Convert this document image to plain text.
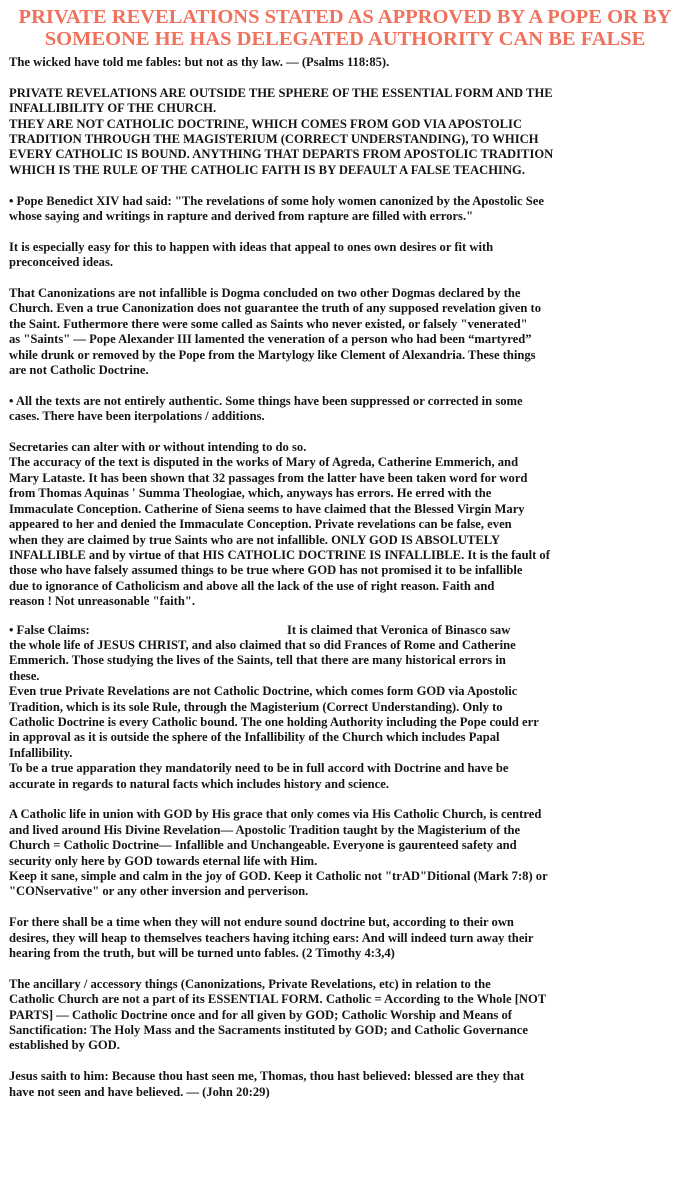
PRIVATE REVELATIONS STATED AS APPROVED BY A POPE OR BY
SOMEONE HE HAS DELEGATED AUTHORITY CAN BE FALSE
The wicked have told me fables: but not as thy law. — (Psalms 118:85).
PRIVATE REVELATIONS ARE OUTSIDE THE SPHERE OF THE ESSENTIAL FORM AND THE
INFALLIBILITY OF THE CHURCH.
THEY ARE NOT CATHOLIC DOCTRINE, WHICH COMES FROM GOD VIA APOSTOLIC
TRADITION THROUGH THE MAGISTERIUM (CORRECT UNDERSTANDING), TO WHICH
EVERY CATHOLIC IS BOUND. ANYTHING THAT DEPARTS FROM APOSTOLIC TRADITION
WHICH IS THE RULE OF THE CATHOLIC FAITH IS BY DEFAULT A FALSE TEACHING.
• Pope Benedict XIV had said: "The revelations of some holy women canonized by the Apostolic See
whose saying and writings in rapture and derived from rapture are filled with errors."
It is especially easy for this to happen with ideas that appeal to ones own desires or fit with
preconceived ideas.
That Canonizations are not infallible is Dogma concluded on two other Dogmas declared by the
Church. Even a true Canonization does not guarantee the truth of any supposed revelation given to
the Saint. Futhermore there were some called as Saints who never existed, or falsely "venerated"
as "Saints" — Pope Alexander III lamented the veneration of a person who had been “martyred”
while drunk or removed by the Pope from the Martylogy like Clement of Alexandria. These things
are not Catholic Doctrine.
• All the texts are not entirely authentic. Some things have been suppressed or corrected in some
cases. There have been iterpolations / additions.
Secretaries can alter with or without intending to do so.
The accuracy of the text is disputed in the works of Mary of Agreda, Catherine Emmerich, and
Mary Lataste. It has been shown that 32 passages from the latter have been taken word for word
from Thomas Aquinas ' Summa Theologiae, which, anyways has errors. He erred with the
Immaculate Conception. Catherine of Siena seems to have claimed that the Blessed Virgin Mary
appeared to her and denied the Immaculate Conception. Private revelations can be false, even
when they are claimed by true Saints who are not infallible. ONLY GOD IS ABSOLUTELY
INFALLIBLE and by virtue of that HIS CATHOLIC DOCTRINE IS INFALLIBLE. It is the fault of
those who have falsely assumed things to be true where GOD has not promised it to be infallible
due to ignorance of Catholicism and above all the lack of the use of right reason. Faith and
reason ! Not unreasonable "faith".
• False Claims:	It is claimed that Veronica of Binasco saw
the whole life of JESUS CHRIST, and also claimed that so did Frances of Rome and Catherine
Emmerich. Those studying the lives of the Saints, tell that there are many historical errors in
these.
Even true Private Revelations are not Catholic Doctrine, which comes form GOD via Apostolic
Tradition, which is its sole Rule, through the Magisterium (Correct Understanding). Only to
Catholic Doctrine is every Catholic bound. The one holding Authority including the Pope could err
in approval as it is outside the sphere of the Infallibility of the Church which includes Papal
Infallibility.
To be a true apparation they mandatorily need to be in full accord with Doctrine and have be
accurate in regards to natural facts which includes history and science.
A Catholic life in union with GOD by His grace that only comes via His Catholic Church, is centred
and lived around His Divine Revelation— Apostolic Tradition taught by the Magisterium of the
Church = Catholic Doctrine— Infallible and Unchangeable. Everyone is gaurenteed safety and
security only here by GOD towards eternal life with Him.
Keep it sane, simple and calm in the joy of GOD. Keep it Catholic not "trAD"Ditional (Mark 7:8) or
"CONservative" or any other inversion and perverison.
For there shall be a time when they will not endure sound doctrine but, according to their own
desires, they will heap to themselves teachers having itching ears: And will indeed turn away their
hearing from the truth, but will be turned unto fables. (2 Timothy 4:3,4)
The ancillary / accessory things (Canonizations, Private Revelations, etc) in relation to the
Catholic Church are not a part of its ESSENTIAL FORM. Catholic = According to the Whole [NOT
PARTS] — Catholic Doctrine once and for all given by GOD; Catholic Worship and Means of
Sanctification: The Holy Mass and the Sacraments instituted by GOD; and Catholic Governance
established by GOD.
Jesus saith to him: Because thou hast seen me, Thomas, thou hast believed: blessed are they that
have not seen and have believed. — (John 20:29)
